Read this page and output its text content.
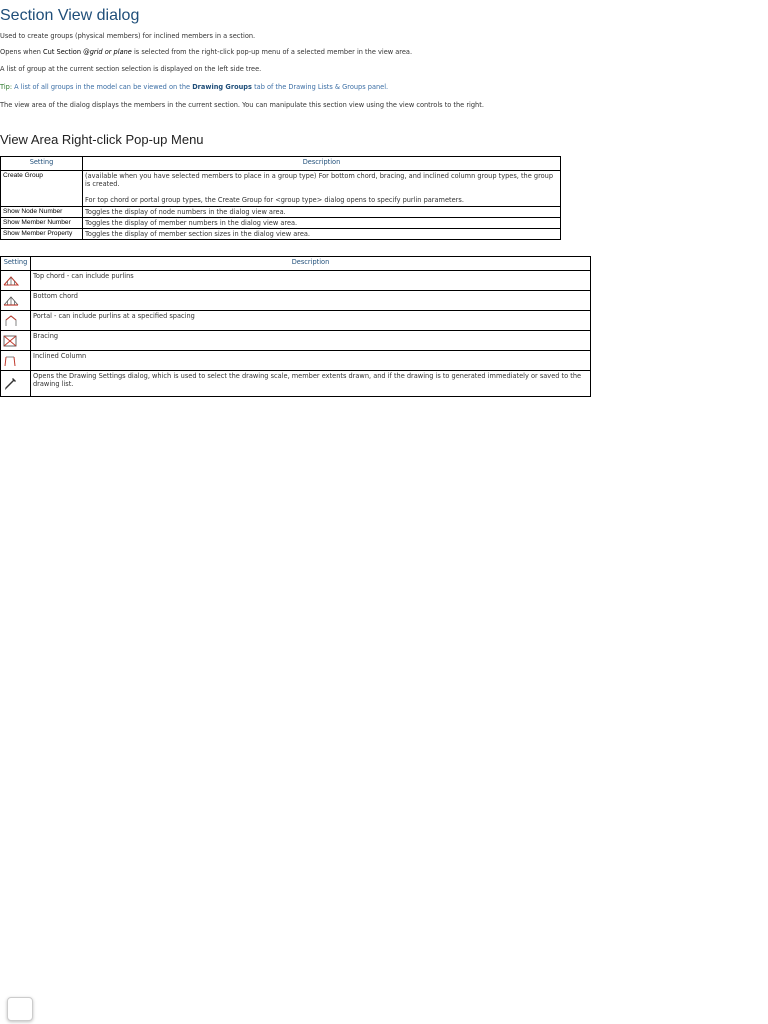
Section View dialog

Used to create groups (physical members) for inclined members in a section.

Opens when Cut Section @grid or plane is selected from the right-click pop-up menu of a selected member in the view area.

A list of group at the current section selection is displayed on the left side tree.

Tip: A list of all groups in the model can be viewed on the Drawing Groups tab of the Drawing Lists & Groups panel.

The view area of the dialog displays the members in the current section. You can manipulate this section view using the view controls to the right.

View Area Right-click Pop-up Menu
Setting	Description
Create Group	(available when you have selected members to place in a group type) For bottom chord, bracing, and inclined column group types, the group is created.
For top chord or portal group types, the Create Group for <group type> dialog opens to specify purlin parameters.

Show Node Number	Toggles the display of node numbers in the dialog view area.
Show Member Number	Toggles the display of member numbers in the dialog view area.
Show Member Property	Toggles the display of member section sizes in the dialog view area.
Setting	Description

	Top chord - can include purlins

	Bottom chord

	Portal - can include purlins at a specified spacing

	Bracing

	Inclined Column

	Opens the Drawing Settings dialog, which is used to select the drawing scale, member extents drawn, and if the drawing is to generated immediately or saved to the drawing list.
